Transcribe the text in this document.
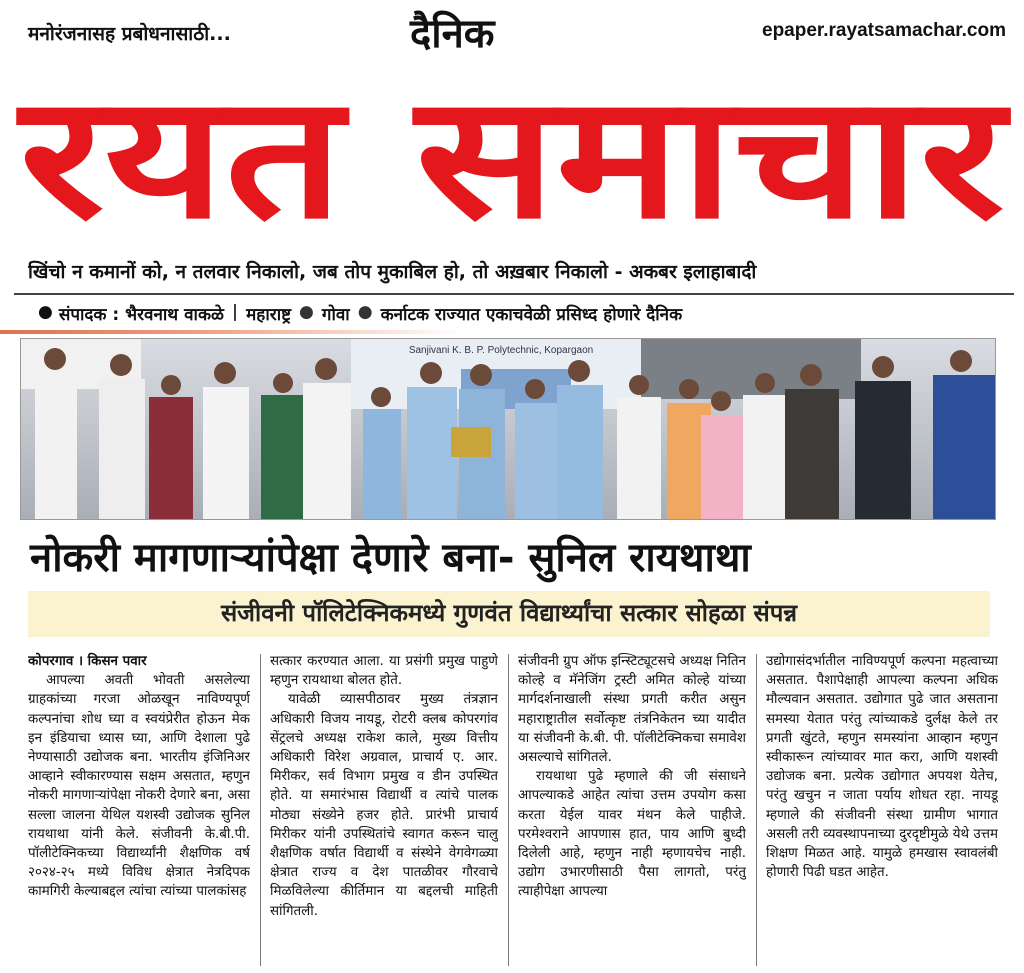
मनोरंजनासह प्रबोधनासाठी...	दैनिक	epaper.rayatsamachar.com
रयत समाचार
खिंचो न कमानों को, न तलवार निकालो, जब तोप मुकाबिल हो, तो अख़बार निकालो - अकबर इलाहाबादी
● संपादक : भैरवनाथ वाकळे | महाराष्ट्र ● गोवा ● कर्नाटक राज्यात एकाचवेळी प्रसिध्द होणारे दैनिक
Sanjivani K. B. P. Polytechnic, Kopargaon
नोकरी मागणाऱ्यांपेक्षा देणारे बना- सुनिल रायथाथा
संजीवनी पॉलिटेक्निकमध्ये गुणवंत विद्यार्थ्यांचा सत्कार सोहळा संपन्न

कोपरगाव । किसन पवार

आपल्या अवती भोवती असलेल्या ग्राहकांच्या गरजा ओळखून नाविण्यपूर्ण कल्पनांचा शोध घ्या व स्वयंप्रेरीत होऊन मेक इन इंडियाचा ध्यास घ्या, आणि देशाला पुढे नेण्यासाठी उद्योजक बना. भारतीय इंजिनिअर आव्हाने स्वीकारण्यास सक्षम असतात, म्हणुन नोकरी मागणाऱ्यांपेक्षा नोकरी देणारे बना, असा सल्ला जालना येथिल यशस्वी उद्योजक सुनिल रायथाथा यांनी केले. संजीवनी के.बी.पी. पॉलीटेक्निकच्या विद्यार्थ्यांनी शैक्षणिक वर्ष २०२४-२५ मध्ये विविध क्षेत्रात नेत्रदिपक कामगिरी केल्याबद्दल त्यांचा त्यांच्या पालकांसह

सत्कार करण्यात आला. या प्रसंगी प्रमुख पाहुणे म्हणुन रायथाथा बोलत होते.

यावेळी व्यासपीठावर मुख्य तंत्रज्ञान अधिकारी विजय नायडू, रोटरी क्लब कोपरगांव सेंट्रलचे अध्यक्ष राकेश काले, मुख्य वित्तीय अधिकारी विरेश अग्रवाल, प्राचार्य ए. आर. मिरीकर, सर्व विभाग प्रमुख व डीन उपस्थित होते. या समारंभास विद्यार्थी व त्यांचे पालक मोठ्या संख्येने हजर होते. प्रारंभी प्राचार्य मिरीकर यांनी उपस्थितांचे स्वागत करून चालु शैक्षणिक वर्षात विद्यार्थी व संस्थेने वेगवेगळ्या क्षेत्रात राज्य व देश पातळीवर गौरवाचे मिळविलेल्या कीर्तिमान या बद्दलची माहिती सांगितली.

संजीवनी ग्रुप ऑफ इन्स्टिट्यूटसचे अध्यक्ष नितिन कोल्हे व मॅनेजिंग ट्रस्टी अमित कोल्हे यांच्या मार्गदर्शनाखाली संस्था प्रगती करीत असुन महाराष्ट्रातील सर्वोत्कृष्ट तंत्रनिकेतन च्या यादीत या संजीवनी के.बी. पी. पॉलीटेक्निकचा समावेश असल्याचे सांगितले.

रायथाथा पुढे म्हणाले की जी संसाधने आपल्याकडे आहेत त्यांचा उत्तम उपयोग कसा करता येईल यावर मंथन केले पाहीजे. परमेश्वराने आपणास हात, पाय आणि बुध्दी दिलेली आहे, म्हणुन नाही म्हणायचेच नाही. उद्योग उभारणीसाठी पैसा लागतो, परंतु त्याहीपेक्षा आपल्या

उद्योगासंदर्भातील नाविण्यपूर्ण कल्पना महत्वाच्या असतात. पैशापेक्षाही आपल्या कल्पना अधिक मौल्यवान असतात. उद्योगात पुढे जात असताना समस्या येतात परंतु त्यांच्याकडे दुर्लक्ष केले तर प्रगती खुंटते, म्हणुन समस्यांना आव्हान म्हणुन स्वीकारून त्यांच्यावर मात करा, आणि यशस्वी उद्योजक बना. प्रत्येक उद्योगात अपयश येतेच, परंतु खचुन न जाता पर्याय शोधत रहा. नायडू म्हणाले की संजीवनी संस्था ग्रामीण भागात असली तरी व्यवस्थापनाच्या दुरदृष्टीमुळे येथे उत्तम शिक्षण मिळत आहे. यामुळे हमखास स्वावलंबी होणारी पिढी घडत आहेत.
